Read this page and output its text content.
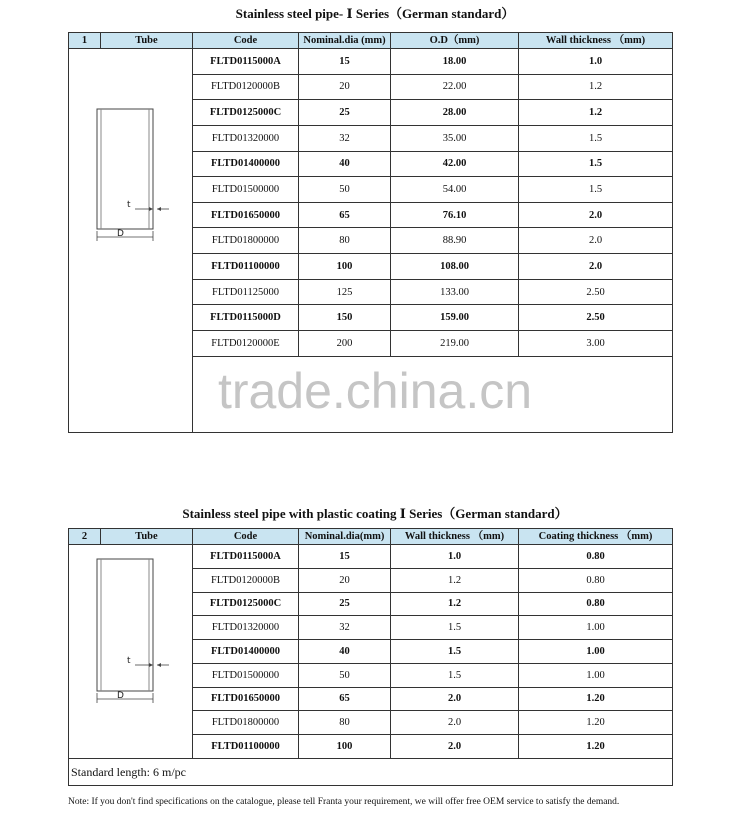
Stainless steel pipe- Ⅰ Series（German standard）
1	Tube	Code	Nominal.dia (mm)	O.D（mm)	Wall thickness （mm)

t
D		FLTD0115000A	15	18.00	1.0
		FLTD0120000B	20	22.00	1.2
		FLTD0125000C	25	28.00	1.2
		FLTD01320000	32	35.00	1.5
		FLTD01400000	40	42.00	1.5
		FLTD01500000	50	54.00	1.5
		FLTD01650000	65	76.10	2.0
		FLTD01800000	80	88.90	2.0
		FLTD01100000	100	108.00	2.0
		FLTD01125000	125	133.00	2.50
		FLTD0115000D	150	159.00	2.50
		FLTD0120000E	200	219.00	3.00

Stainless steel pipe with plastic coating Ⅰ Series（German standard）
2	Tube	Code	Nominal.dia(mm)	Wall thickness （mm)	Coating thickness （mm)

t
D		FLTD0115000A	15	1.0	0.80
		FLTD0120000B	20	1.2	0.80
		FLTD0125000C	25	1.2	0.80
		FLTD01320000	32	1.5	1.00
		FLTD01400000	40	1.5	1.00
		FLTD01500000	50	1.5	1.00
		FLTD01650000	65	2.0	1.20
		FLTD01800000	80	2.0	1.20
		FLTD01100000	100	2.0	1.20
Standard length: 6 m/pc					
trade.china.cn
Note: If you don't find specifications on the catalogue, please tell Franta your requirement, we will offer free OEM service to satisfy the demand.
